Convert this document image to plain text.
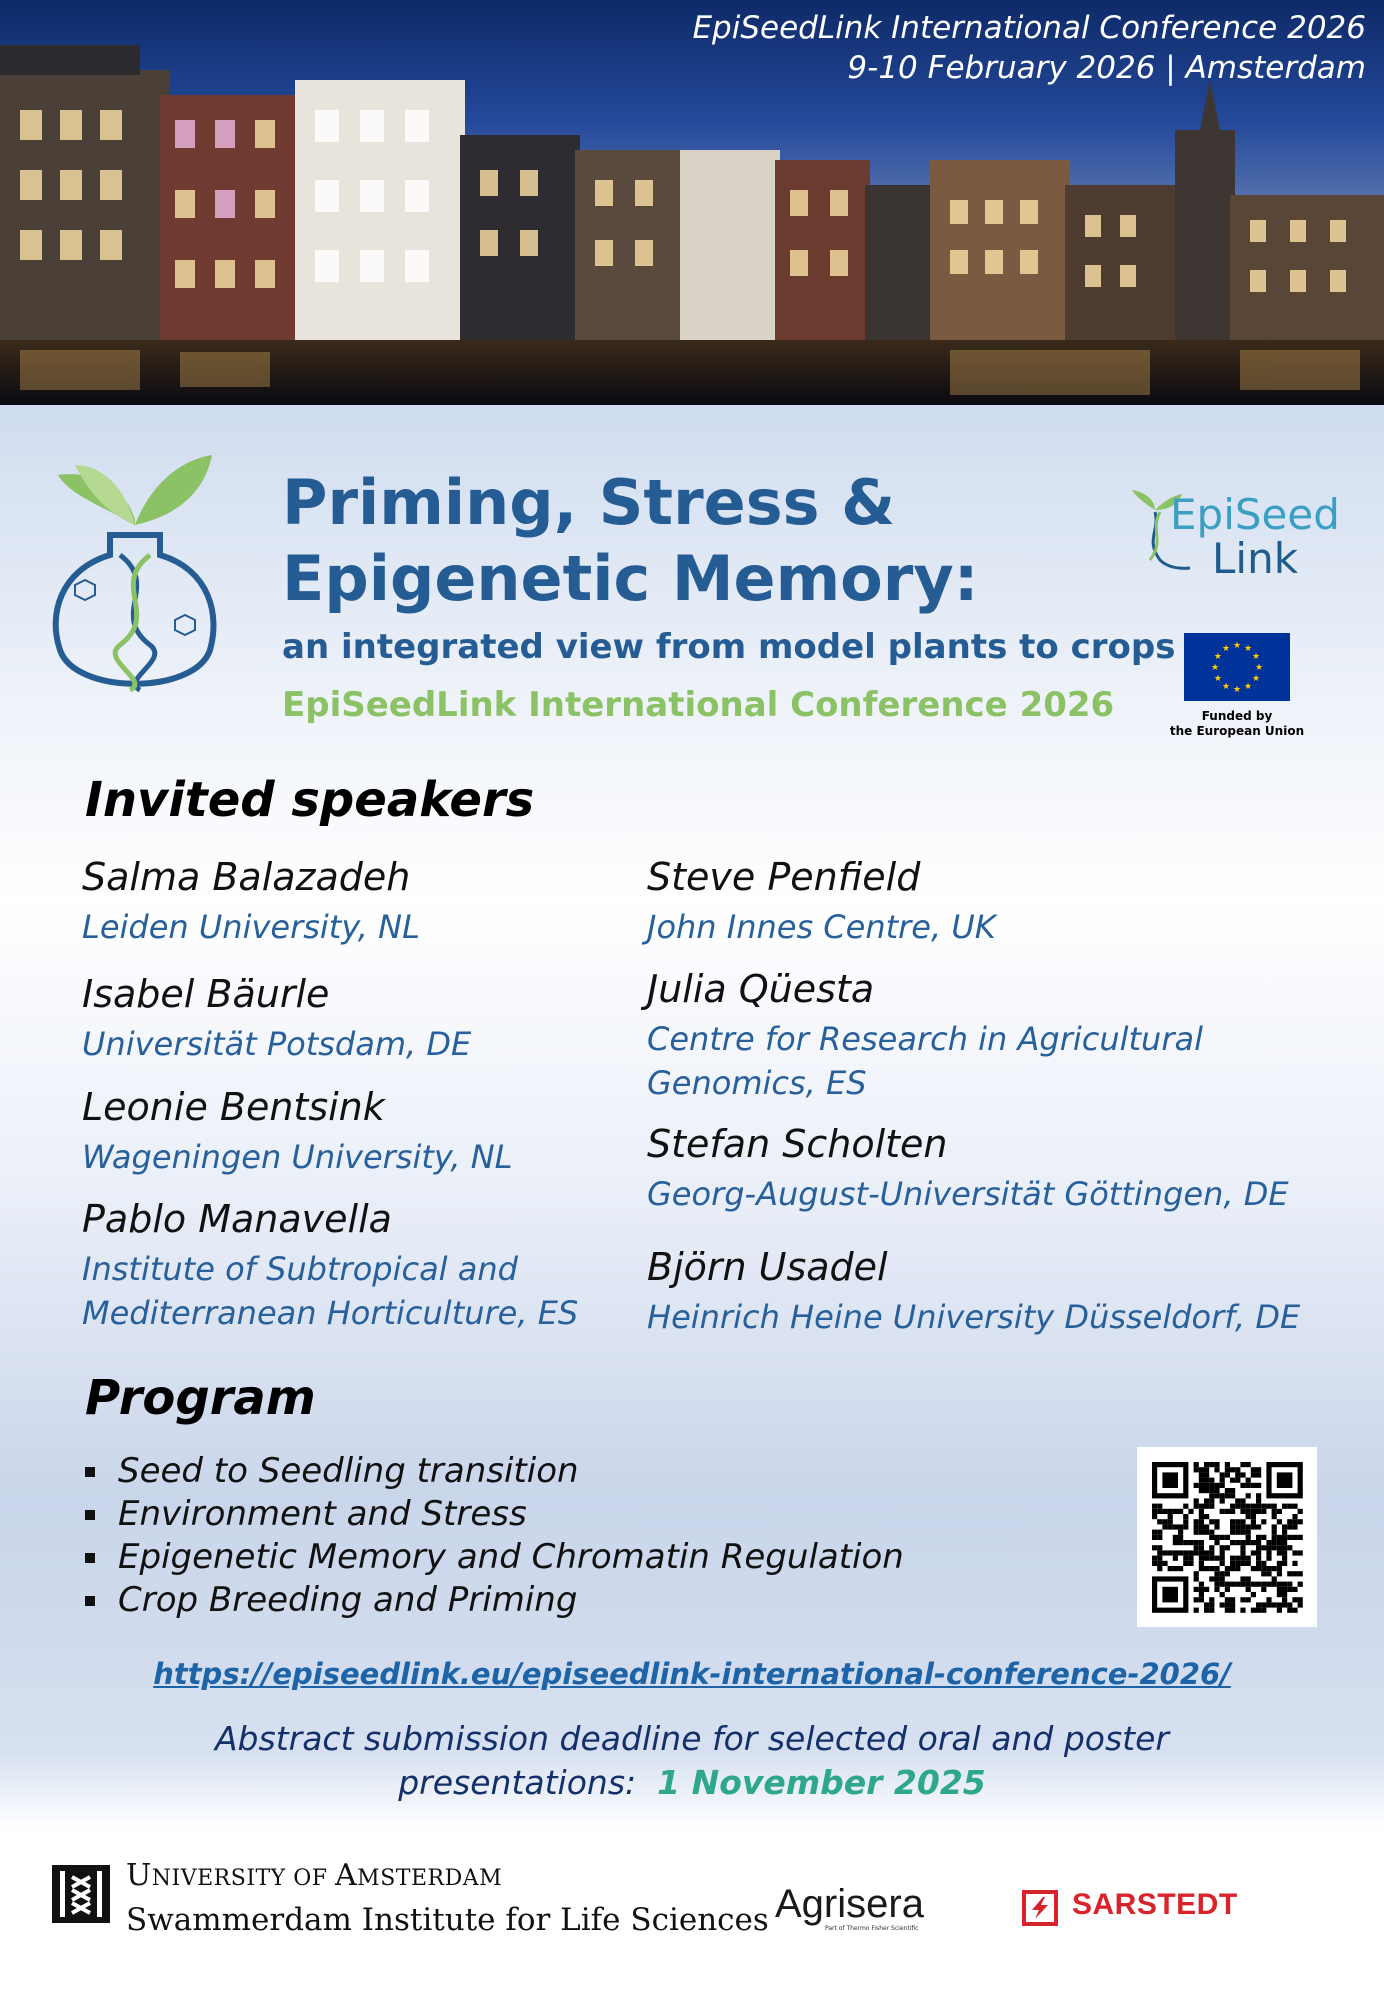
EpiSeedLink International Conference 2026
9-10 February 2026 | Amsterdam
Priming, Stress &
Epigenetic Memory:
an integrated view from model plants to crops
EpiSeedLink International Conference 2026
EpiSeed
Link
★ ★
★
★
★
★
★
★
★
★
★
★
Funded by
the European Union
Invited speakers
Salma Balazadeh
Leiden University, NL
Isabel Bäurle
Universität Potsdam, DE
Leonie Bentsink
Wageningen University, NL
Pablo Manavella
Institute of Subtropical and
Mediterranean Horticulture, ES
Steve Penfield
John Innes Centre, UK
Julia Qüesta
Centre for Research in Agricultural
Genomics, ES
Stefan Scholten
Georg-August-Universität Göttingen, DE
Björn Usadel
Heinrich Heine University Düsseldorf, DE
Program
Seed to Seedling transition
Environment and Stress
Epigenetic Memory and Chromatin Regulation
Crop Breeding and Priming
https://episeedlink.eu/episeedlink-international-conference-2026/
Abstract submission deadline for selected oral and poster
presentations: 1 November 2025
UNIVERSITY OF AMSTERDAM
Swammerdam Institute for Life Sciences Agrisera
Part of Thermo Fisher Scientific
SARSTEDT
